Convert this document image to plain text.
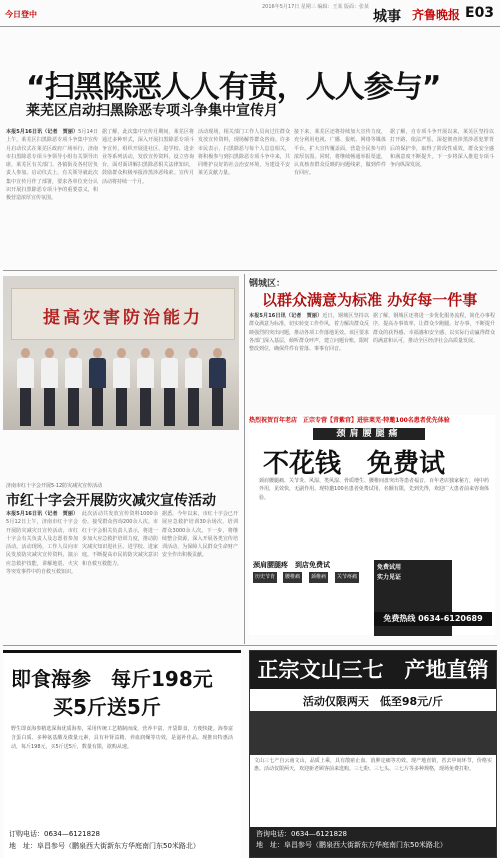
今日登中
2016年5月17日 星期三 编辑：王某 版面：张某
城事 齐鲁晚报 E03
“扫黑除恶人人有责，人人参与”
莱芜区启动扫黑除恶专项斗争集中宣传月
本报5月16日讯（记者　贾丽）5月14日上午，莱芜区扫黑除恶专项斗争集中宣传月启动仪式在莱芜区政府广场举行，济南市扫黑除恶专项斗争领导小组有关领导出席，莱芜区有关部门、各镇街及各村居负责人参加。启动仪式上，有关领导就此次集中宣传月作了部署，要求各单位充分认识开展扫黑除恶专项斗争的重要意义，积极营造浓厚宣传氛围。
据了解，此次集中宣传月期间，莱芜区将通过多种形式，深入开展扫黑除恶专项斗争宣传，组织开展进社区、进学校、进企业等系列活动，发放宣传资料，设立咨询台，面对面讲解扫黑除恶相关法律知识，鼓励群众积极举报涉黑涉恶线索。宣传月活动将持续一个月。
活动现场，相关部门工作人员向过往群众发放宣传资料，现场解答群众咨询。许多市民表示，扫黑除恶与每个人息息相关，将积极参与到扫黑除恶专项斗争中来，共同维护良好的社会治安环境，为建设平安莱芜贡献力量。
接下来，莱芜区还将持续加大宣传力度，充分利用电视、广播、报纸、网络等媒体平台，扩大宣传覆盖面，营造全民参与的浓厚氛围。同时，将继续畅通举报渠道，认真核查群众反映的问题线索，做到件件有回应。
据了解，自专项斗争开展以来，莱芜区坚持以打开路、依法严惩，深挖彻查涉黑涉恶犯罪背后的保护伞，取得了阶段性成效，群众安全感和满意度不断提升。下一步将深入推进专项斗争向纵深发展。
提高灾害防治能力
济南市红十字会开展5·12防灾减灾宣传活动
市红十字会开展防灾减灾宣传活动
本报5月16日讯（记者　贾丽）5月12日上午，济南市红十字会开展防灾减灾日宣传活动，市红十字会有关负责人及志愿者参加活动。活动现场，工作人员向市民发放防灾减灾宣传资料，演示应急救护技能，讲解地震、火灾等突发事件中的自救互救知识。
此次活动共发放宣传资料1000余份，接受群众咨询200余人次。市红十字会相关负责人表示，将进一步加大应急救护培训力度，推动防灾减灾知识进社区、进学校、进家庭，不断提高市民的防灾减灾意识和自救互救能力。
据悉，今年以来，市红十字会已开展应急救护培训30余场次，培训群众3000余人次。下一步，将继续整合资源，深入开展各类宣传培训活动，为保障人民群众生命财产安全作出积极贡献。
钢城区：
以群众满意为标准 办好每一件事
本报5月16日讯（记者　贾丽）近日，钢城区坚持以群众满意为标准，切实转变工作作风，着力解决群众反映强烈的突出问题，推动各项工作落地见效。该区要求各部门深入基层，倾听群众呼声，建立问题台账，限时整改到位，确保件件有着落、事事有回音。
据了解，钢城区还将进一步优化服务流程，简化办事程序，提高办事效率，让群众少跑腿、好办事，不断提升群众的获得感、幸福感和安全感，以实际行动赢得群众的满意和认可，推动全区经济社会高质量发展。
热烈祝贺百年老店　正宗专营【青紫宫】进驻莱芜·特邀100名患者优先体验
颈肩腰腿痛
不花钱　免费试
颈肩腰腿痛、关节炎、风湿、类风湿、骨质增生、腰椎间盘突出等患者福音，百年老店独家秘方，纯中药外用，见效快，无副作用。现特邀100名患者免费试用，名额有限，先到先得，欢迎广大患者前来咨询体验。
颈肩腰腿疼　到店免费试
历史节肯	腰椎痛	颈椎病	关节疼痛
免费试用
实力见证
免费热线 0634-6120689
即食海参　每斤198元
买5斤送5斤
野生即食海参精选深海优质海参，采用传统工艺精制而成，营养丰富，开袋即食，方便快捷。海参富含蛋白质、多种氨基酸及微量元素，具有补肾益精、养血润燥等功效，是滋补佳品。现推出特惠活动，每斤198元，买5斤送5斤，数量有限，欲购从速。
订购电话：0634—6121828
地　址：阜昌参号（鹏泉西大街新东方华庭南门东50米路北）
正宗文山三七　产地直销
活动仅限两天　低至98元/斤
文山三七产自云南文山，品质上乘，具有散瘀止血、消肿定痛等功效。现产地直销，省去中间环节，价格实惠。活动仅限两天，欢迎新老顾客前来选购。三七粉、三七头、三七片等多种规格，现场免费打粉。
咨询电话：0634—6121828
地　址：阜昌参号（鹏泉西大街新东方华庭南门东50米路北）
